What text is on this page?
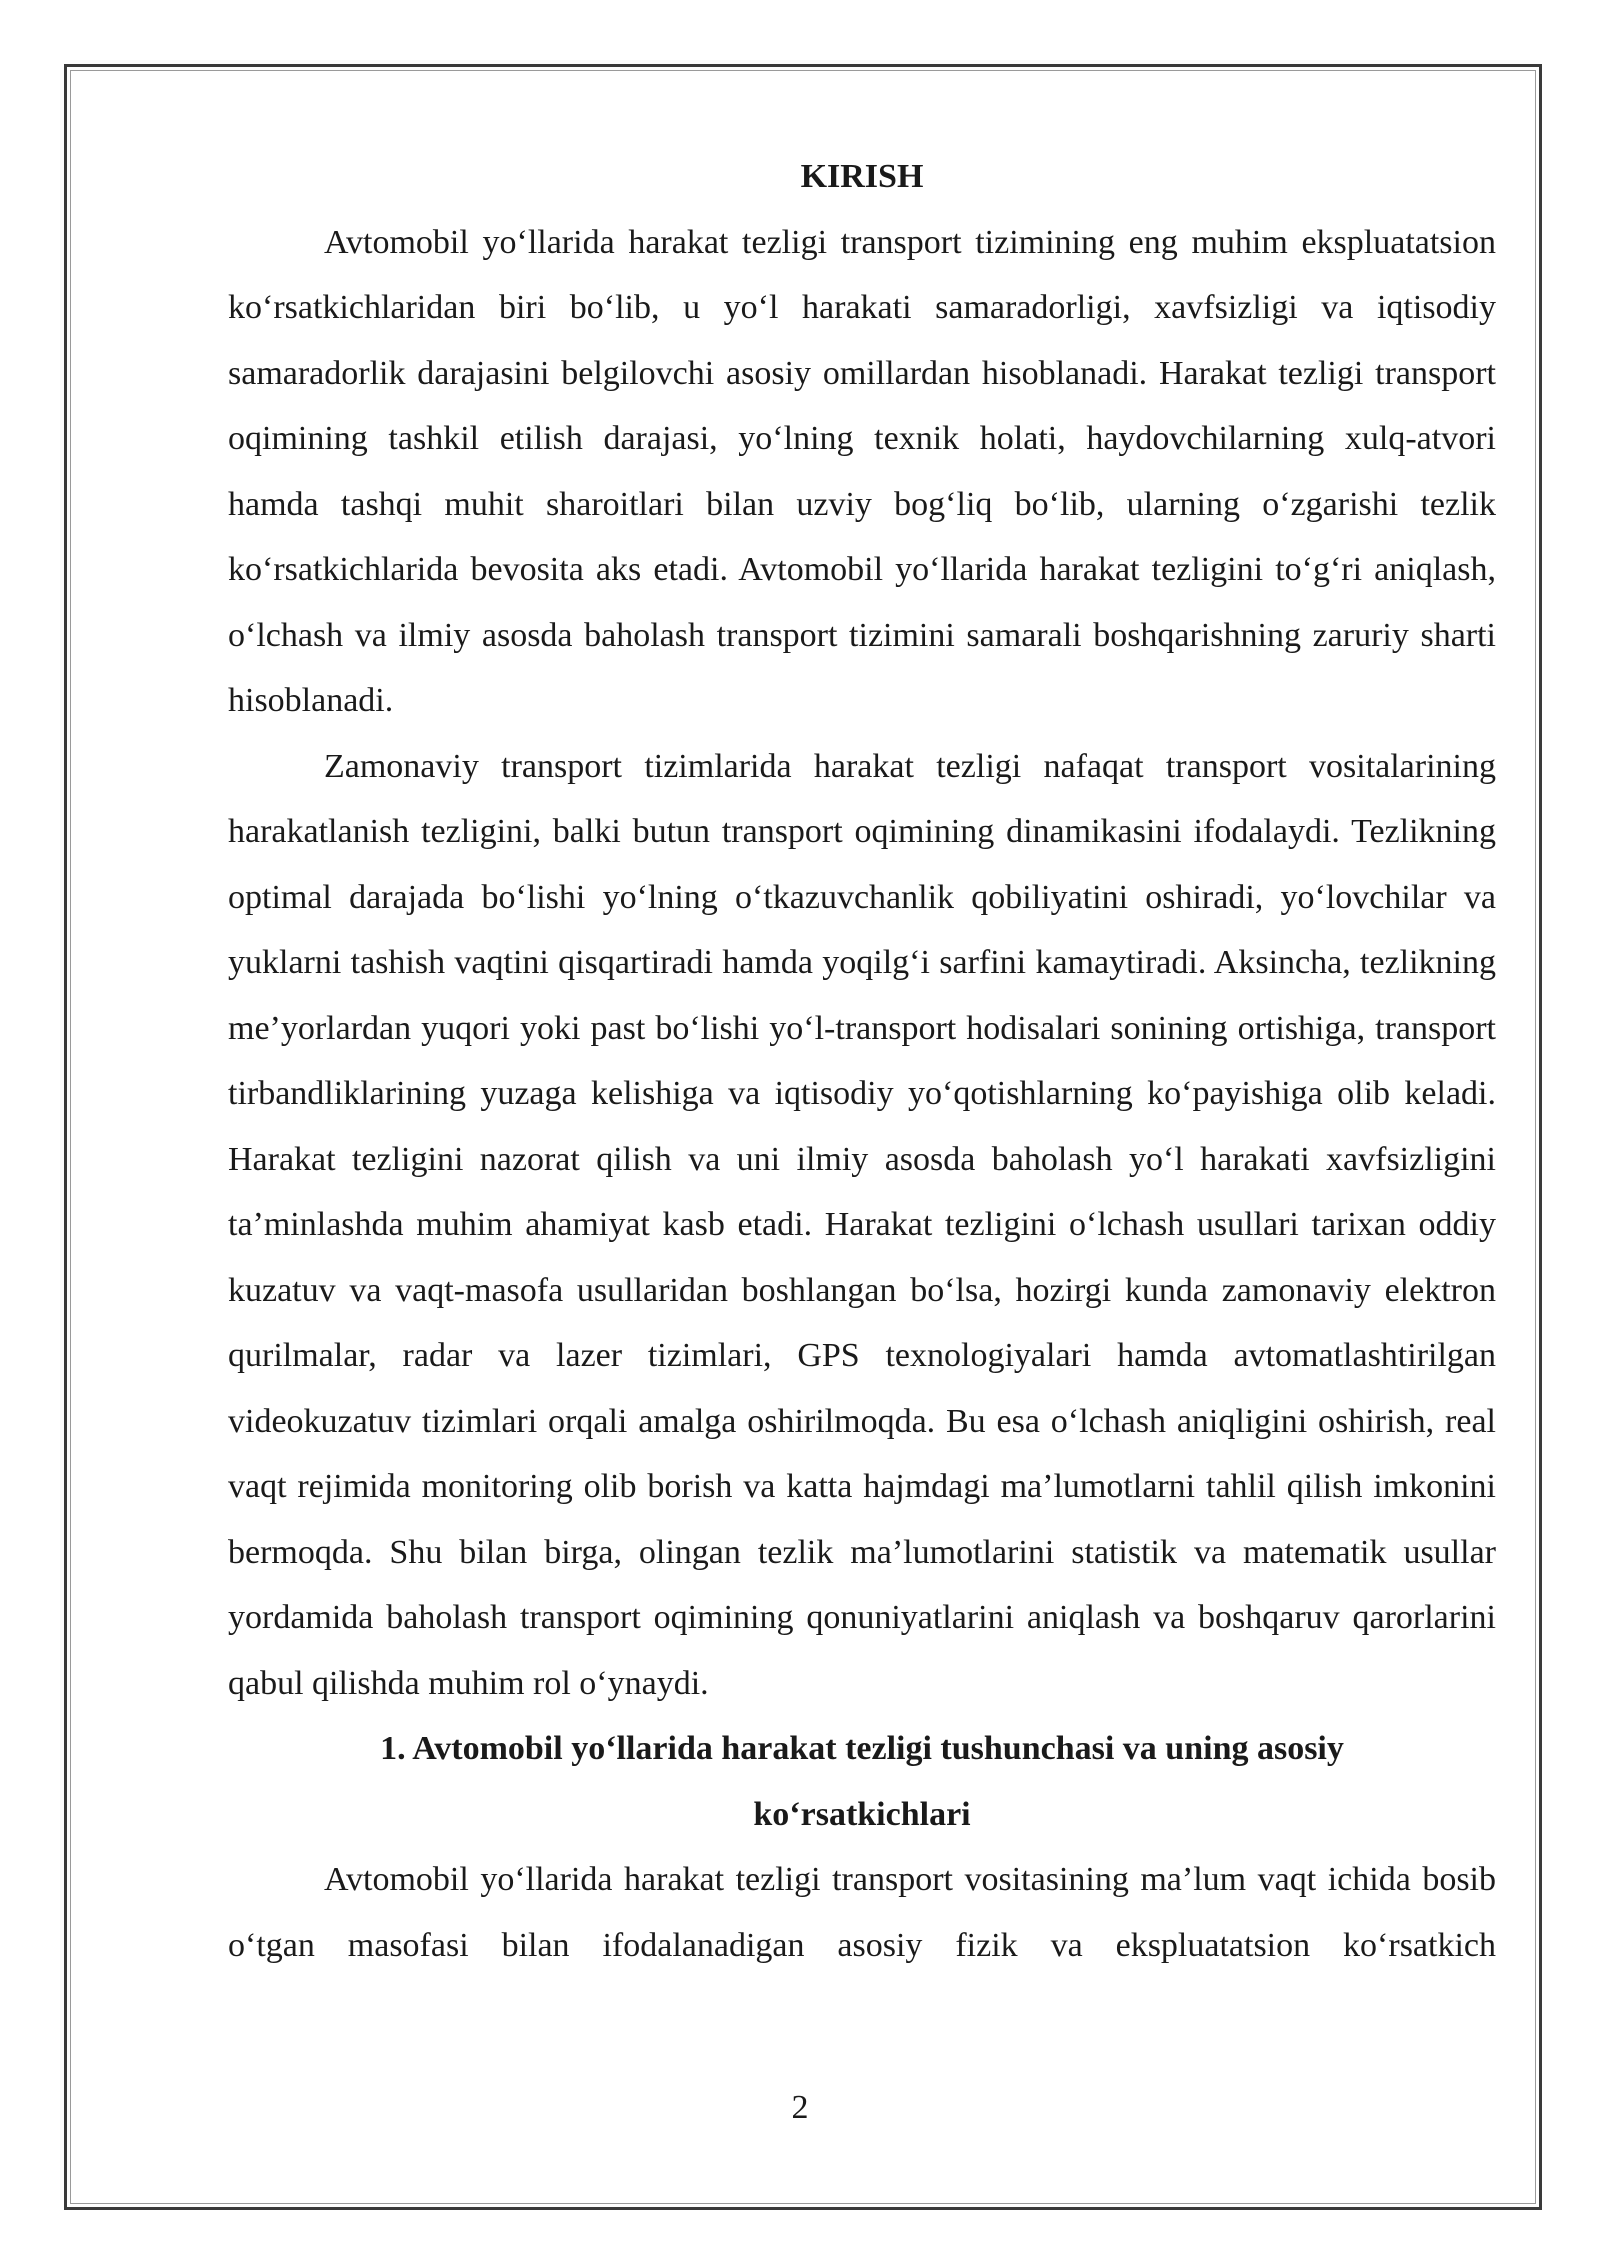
KIRISH

Avtomobil yo‘llarida harakat tezligi transport tizimining eng muhim ekspluatatsion ko‘rsatkichlaridan biri bo‘lib, u yo‘l harakati samaradorligi, xavfsizligi va iqtisodiy samaradorlik darajasini belgilovchi asosiy omillardan hisoblanadi. Harakat tezligi transport oqimining tashkil etilish darajasi, yo‘lning texnik holati, haydovchilarning xulq-atvori hamda tashqi muhit sharoitlari bilan uzviy bog‘liq bo‘lib, ularning o‘zgarishi tezlik ko‘rsatkichlarida bevosita aks etadi. Avtomobil yo‘llarida harakat tezligini to‘g‘ri aniqlash, o‘lchash va ilmiy asosda baholash transport tizimini samarali boshqarishning zaruriy sharti hisoblanadi.

Zamonaviy transport tizimlarida harakat tezligi nafaqat transport vositalarining harakatlanish tezligini, balki butun transport oqimining dinamikasini ifodalaydi. Tezlikning optimal darajada bo‘lishi yo‘lning o‘tkazuvchanlik qobiliyatini oshiradi, yo‘lovchilar va yuklarni tashish vaqtini qisqartiradi hamda yoqilg‘i sarfini kamaytiradi. Aksincha, tezlikning me’yorlardan yuqori yoki past bo‘lishi yo‘l-transport hodisalari sonining ortishiga, transport tirbandliklarining yuzaga kelishiga va iqtisodiy yo‘qotishlarning ko‘payishiga olib keladi. Harakat tezligini nazorat qilish va uni ilmiy asosda baholash yo‘l harakati xavfsizligini ta’minlashda muhim ahamiyat kasb etadi. Harakat tezligini o‘lchash usullari tarixan oddiy kuzatuv va vaqt-masofa usullaridan boshlangan bo‘lsa, hozirgi kunda zamonaviy elektron qurilmalar, radar va lazer tizimlari, GPS texnologiyalari hamda avtomatlashtirilgan videokuzatuv tizimlari orqali amalga oshirilmoqda. Bu esa o‘lchash aniqligini oshirish, real vaqt rejimida monitoring olib borish va katta hajmdagi ma’lumotlarni tahlil qilish imkonini bermoqda. Shu bilan birga, olingan tezlik ma’lumotlarini statistik va matematik usullar yordamida baholash transport oqimining qonuniyatlarini aniqlash va boshqaruv qarorlarini qabul qilishda muhim rol o‘ynaydi.

1. Avtomobil yo‘llarida harakat tezligi tushunchasi va uning asosiy ko‘rsatkichlari

Avtomobil yo‘llarida harakat tezligi transport vositasining ma’lum vaqt ichida bosib o‘tgan masofasi bilan ifodalanadigan asosiy fizik va ekspluatatsion ko‘rsatkich

2
